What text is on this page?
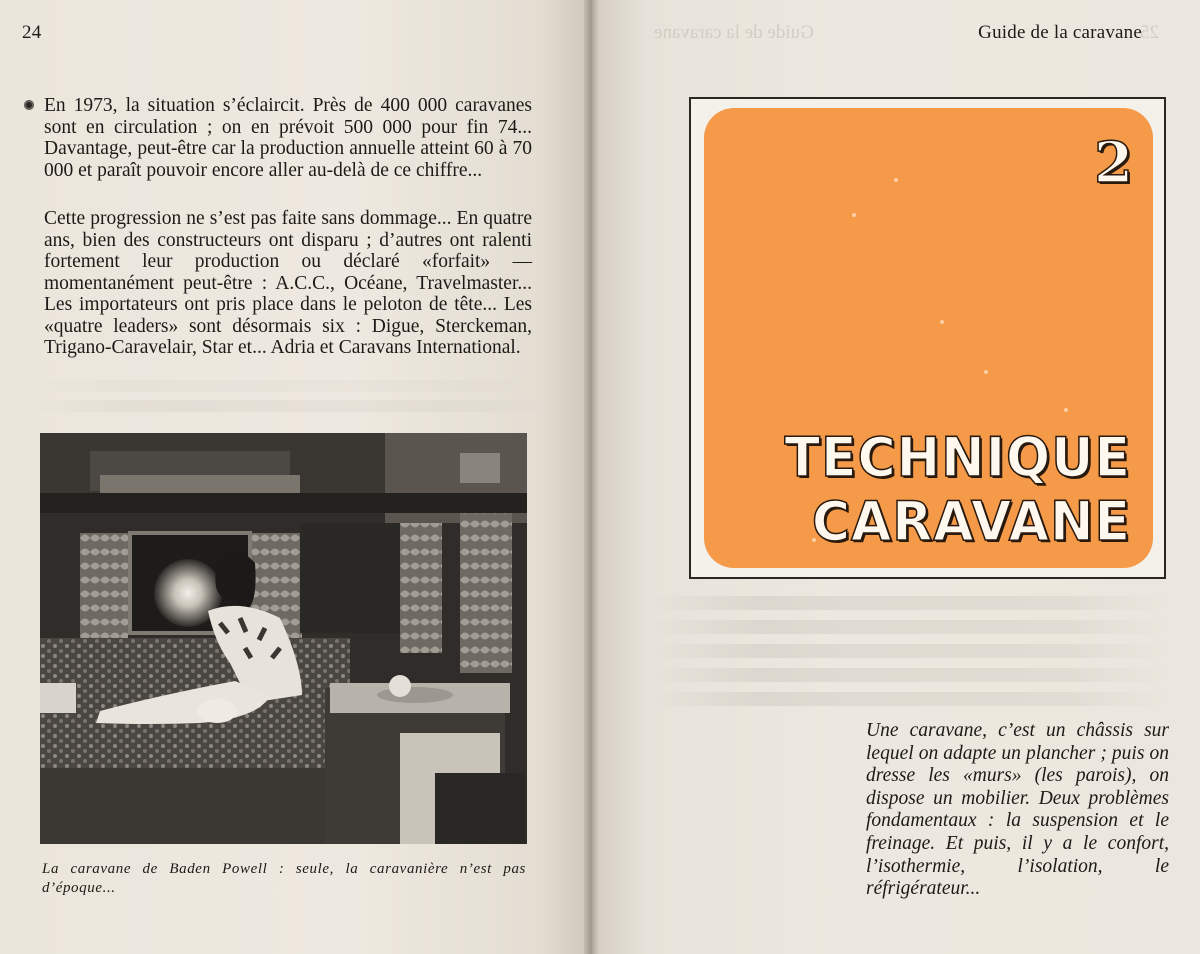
24	Guide de la caravane
Guide de la caravane	25
En 1973, la situation s’éclaircit. Près de 400 000 caravanes sont en circulation ; on en prévoit 500 000 pour fin 74... Davantage, peut-être car la production annuelle atteint 60 à 70 000 et paraît pouvoir encore aller au-delà de ce chiffre...
Cette progression ne s’est pas faite sans dommage... En quatre ans, bien des constructeurs ont disparu ; d’autres ont ralenti fortement leur production ou déclaré «forfait» — momentanément peut-être : A.C.C., Océane, Travelmaster... Les importateurs ont pris place dans le peloton de tête... Les «quatre leaders» sont désormais six : Digue, Sterckeman, Trigano-Caravelair, Star et... Adria et Caravans International.
La caravane de Baden Powell : seule, la caravanière n’est pas d’époque...
2
TECHNIQUE
CARAVANE
Une caravane, c’est un châssis sur lequel on adapte un plancher ; puis on dresse les «murs» (les parois), on dispose un mobilier. Deux problèmes fondamentaux : la suspension et le freinage. Et puis, il y a le confort, l’isothermie, l’isolation, le réfrigérateur...
